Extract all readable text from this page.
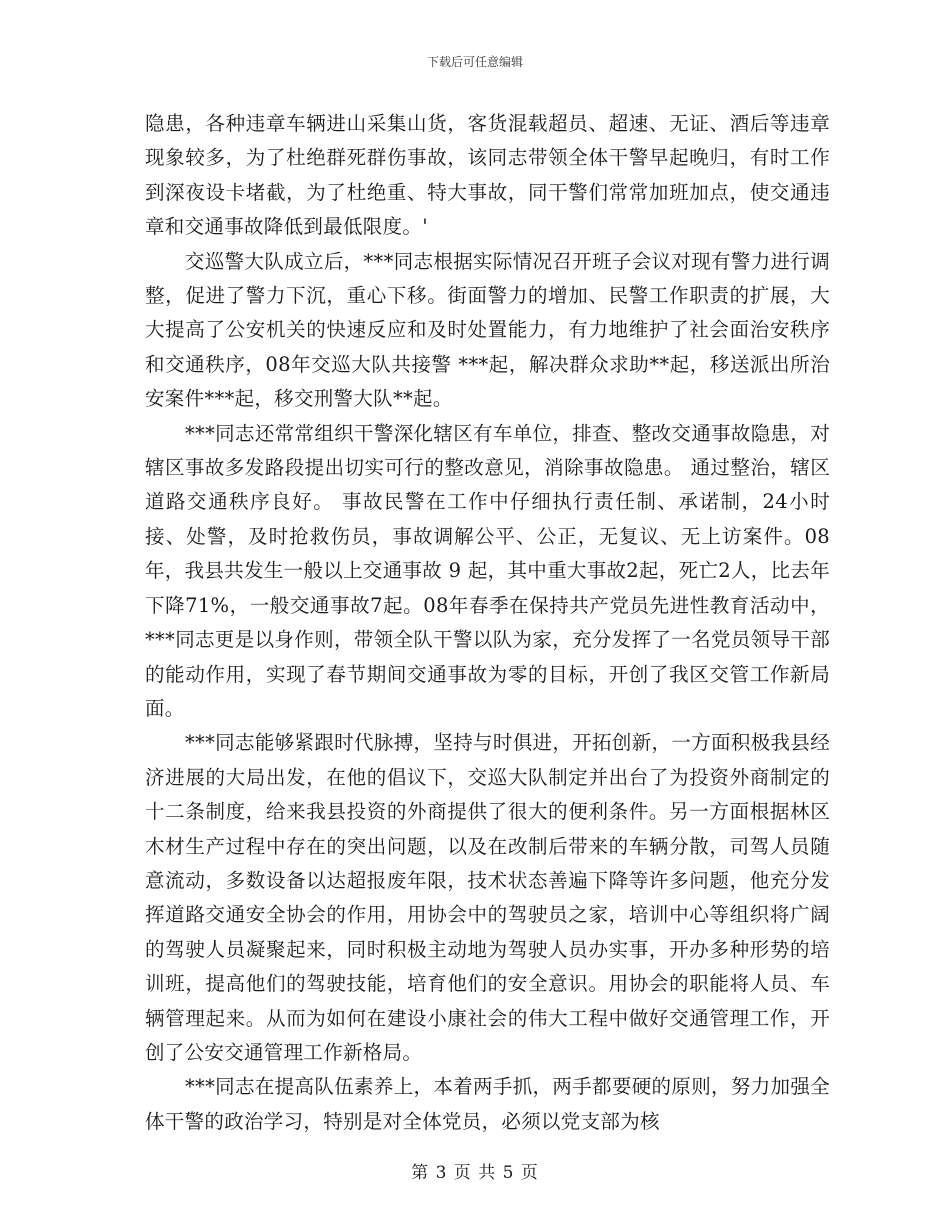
下载后可任意编辑

隐患，各种违章车辆进山采集山货，客货混载超员、超速、无证、酒后等违章现象较多，为了杜绝群死群伤事故，该同志带领全体干警早起晚归，有时工作到深夜设卡堵截，为了杜绝重、特大事故，同干警们常常加班加点，使交通违章和交通事故降低到最低限度。'

交巡警大队成立后，***同志根据实际情况召开班子会议对现有警力进行调整，促进了警力下沉，重心下移。街面警力的增加、民警工作职责的扩展，大大提高了公安机关的快速反应和及时处置能力，有力地维护了社会面治安秩序和交通秩序，08年交巡大队共接警 ***起，解决群众求助**起，移送派出所治安案件***起，移交刑警大队**起。

***同志还常常组织干警深化辖区有车单位，排查、整改交通事故隐患，对辖区事故多发路段提出切实可行的整改意见，消除事故隐患。 通过整治，辖区道路交通秩序良好。 事故民警在工作中仔细执行责任制、承诺制，24小时接、处警，及时抢救伤员，事故调解公平、公正，无复议、无上访案件。08年，我县共发生一般以上交通事故 9 起，其中重大事故2起，死亡2人，比去年下降71%，一般交通事故7起。08年春季在保持共产党员先进性教育活动中，***同志更是以身作则，带领全队干警以队为家，充分发挥了一名党员领导干部的能动作用，实现了春节期间交通事故为零的目标，开创了我区交管工作新局面。

***同志能够紧跟时代脉搏，坚持与时俱进，开拓创新，一方面积极我县经济进展的大局出发，在他的倡议下，交巡大队制定并出台了为投资外商制定的十二条制度，给来我县投资的外商提供了很大的便利条件。另一方面根据林区木材生产过程中存在的突出问题，以及在改制后带来的车辆分散，司驾人员随意流动，多数设备以达超报废年限，技术状态善遍下降等许多问题，他充分发挥道路交通安全协会的作用，用协会中的驾驶员之家，培训中心等组织将广阔的驾驶人员凝聚起来，同时积极主动地为驾驶人员办实事，开办多种形势的培训班，提高他们的驾驶技能，培育他们的安全意识。用协会的职能将人员、车辆管理起来。从而为如何在建设小康社会的伟大工程中做好交通管理工作，开创了公安交通管理工作新格局。

***同志在提高队伍素养上，本着两手抓，两手都要硬的原则，努力加强全体干警的政治学习，特别是对全体党员，必须以党支部为核

第 3 页 共 5 页
